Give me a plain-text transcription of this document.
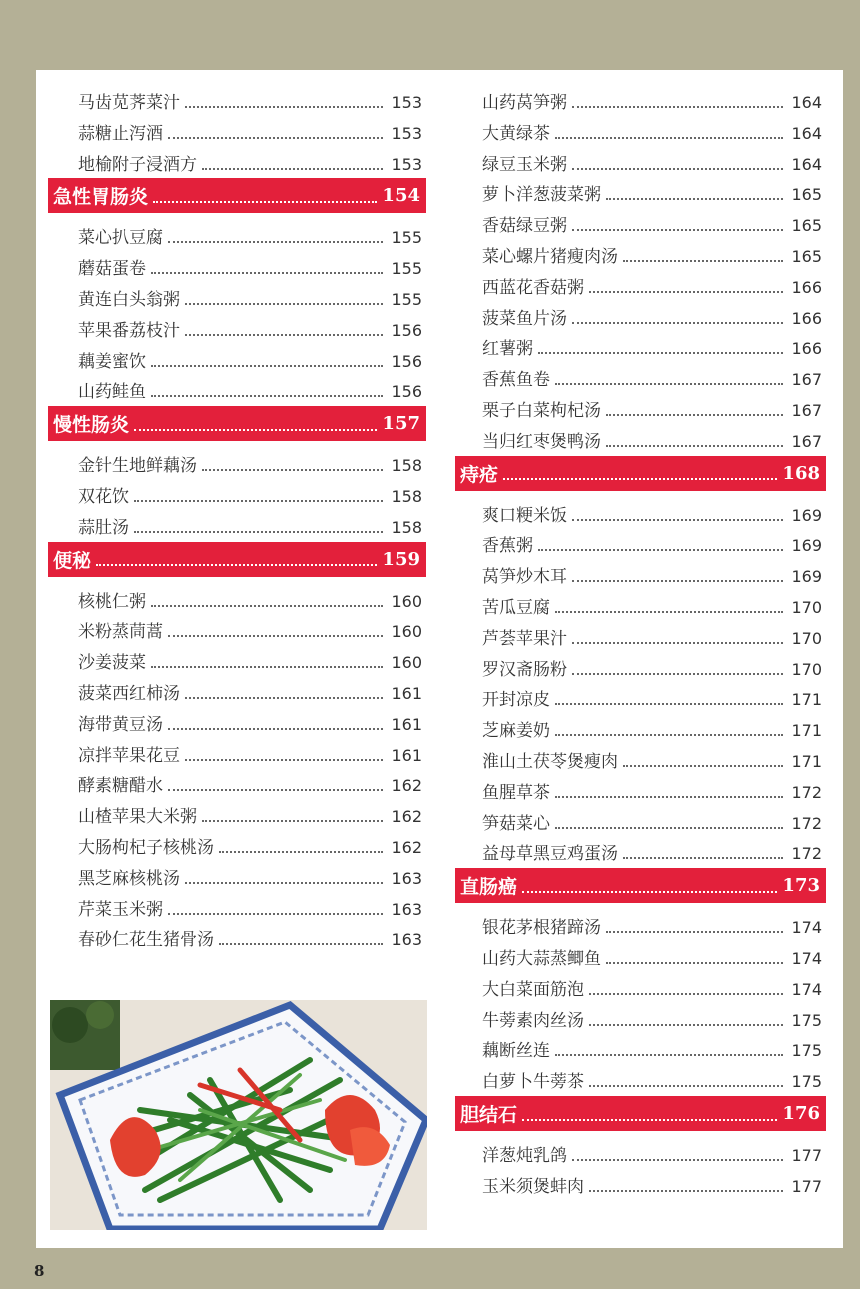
马齿苋荠菜汁	153
蒜糖止泻酒	153
地榆附子浸酒方	153
急性胃肠炎	154
菜心扒豆腐	155
蘑菇蛋卷	155
黄连白头翁粥	155
苹果番荔枝汁	156
藕姜蜜饮	156
山药鲑鱼	156
慢性肠炎	157
金针生地鲜藕汤	158
双花饮	158
蒜肚汤	158
便秘	159
核桃仁粥	160
米粉蒸茼蒿	160
沙姜菠菜	160
菠菜西红柿汤	161
海带黄豆汤	161
凉拌苹果花豆	161
酵素糖醋水	162
山楂苹果大米粥	162
大肠枸杞子核桃汤	162
黑芝麻核桃汤	163
芹菜玉米粥	163
春砂仁花生猪骨汤	163
山药莴笋粥	164
大黄绿茶	164
绿豆玉米粥	164
萝卜洋葱菠菜粥	165
香菇绿豆粥	165
菜心螺片猪瘦肉汤	165
西蓝花香菇粥	166
菠菜鱼片汤	166
红薯粥	166
香蕉鱼卷	167
栗子白菜枸杞汤	167
当归红枣煲鸭汤	167
痔疮	168
爽口粳米饭	169
香蕉粥	169
莴笋炒木耳	169
苦瓜豆腐	170
芦荟苹果汁	170
罗汉斋肠粉	170
开封凉皮	171
芝麻姜奶	171
淮山土茯苓煲瘦肉	171
鱼腥草茶	172
笋菇菜心	172
益母草黑豆鸡蛋汤	172
直肠癌	173
银花茅根猪蹄汤	174
山药大蒜蒸鲫鱼	174
大白菜面筋泡	174
牛蒡素肉丝汤	175
藕断丝连	175
白萝卜牛蒡茶	175
胆结石	176
洋葱炖乳鸽	177
玉米须煲蚌肉	177
8
